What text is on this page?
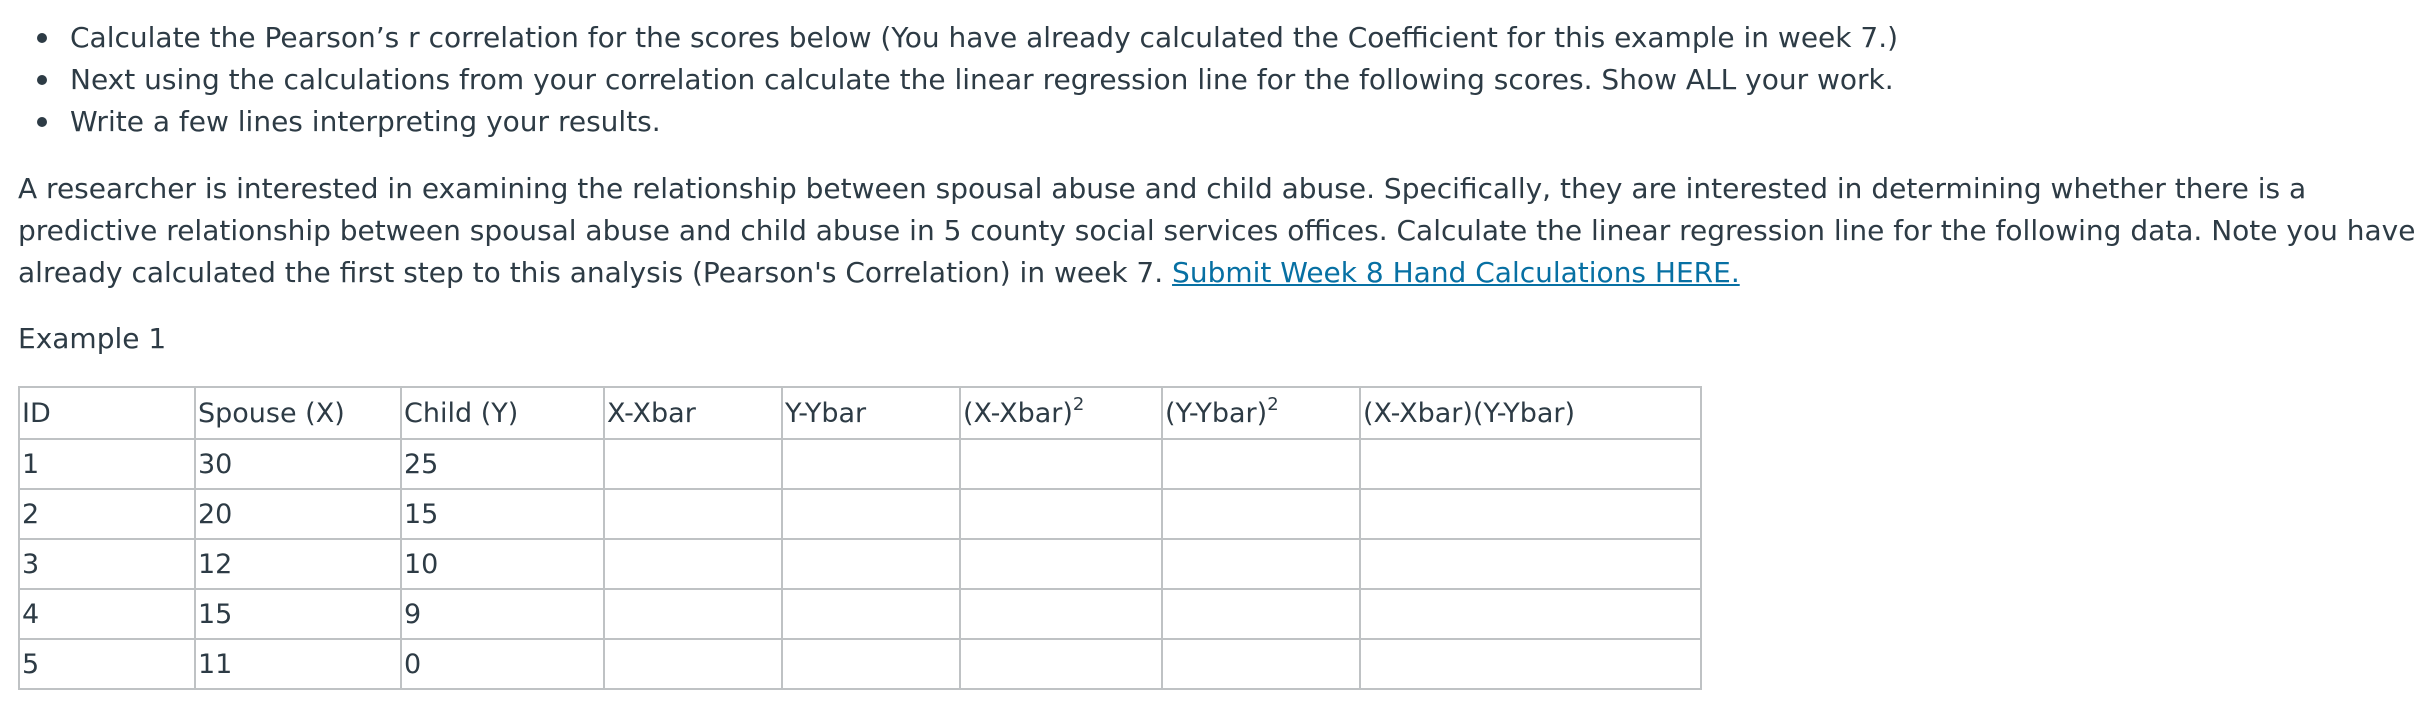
Calculate the Pearson’s r correlation for the scores below (You have already calculated the Coefficient for this example in week 7.)
Next using the calculations from your correlation calculate the linear regression line for the following scores. Show ALL your work.
Write a few lines interpreting your results.
A researcher is interested in examining the relationship between spousal abuse and child abuse. Specifically, they are interested in determining whether there is a
predictive relationship between spousal abuse and child abuse in 5 county social services offices. Calculate the linear regression line for the following data. Note you have
already calculated the first step to this analysis (Pearson's Correlation) in week 7. Submit Week 8 Hand Calculations HERE.
Example 1
ID	Spouse (X)	Child (Y)	X-Xbar	Y-Ybar	(X-Xbar)$^2$	(Y-Ybar)$^2$	(X-Xbar)(Y-Ybar)
1	30	25					
2	20	15					
3	12	10					
4	15	9					
5	11	0					
